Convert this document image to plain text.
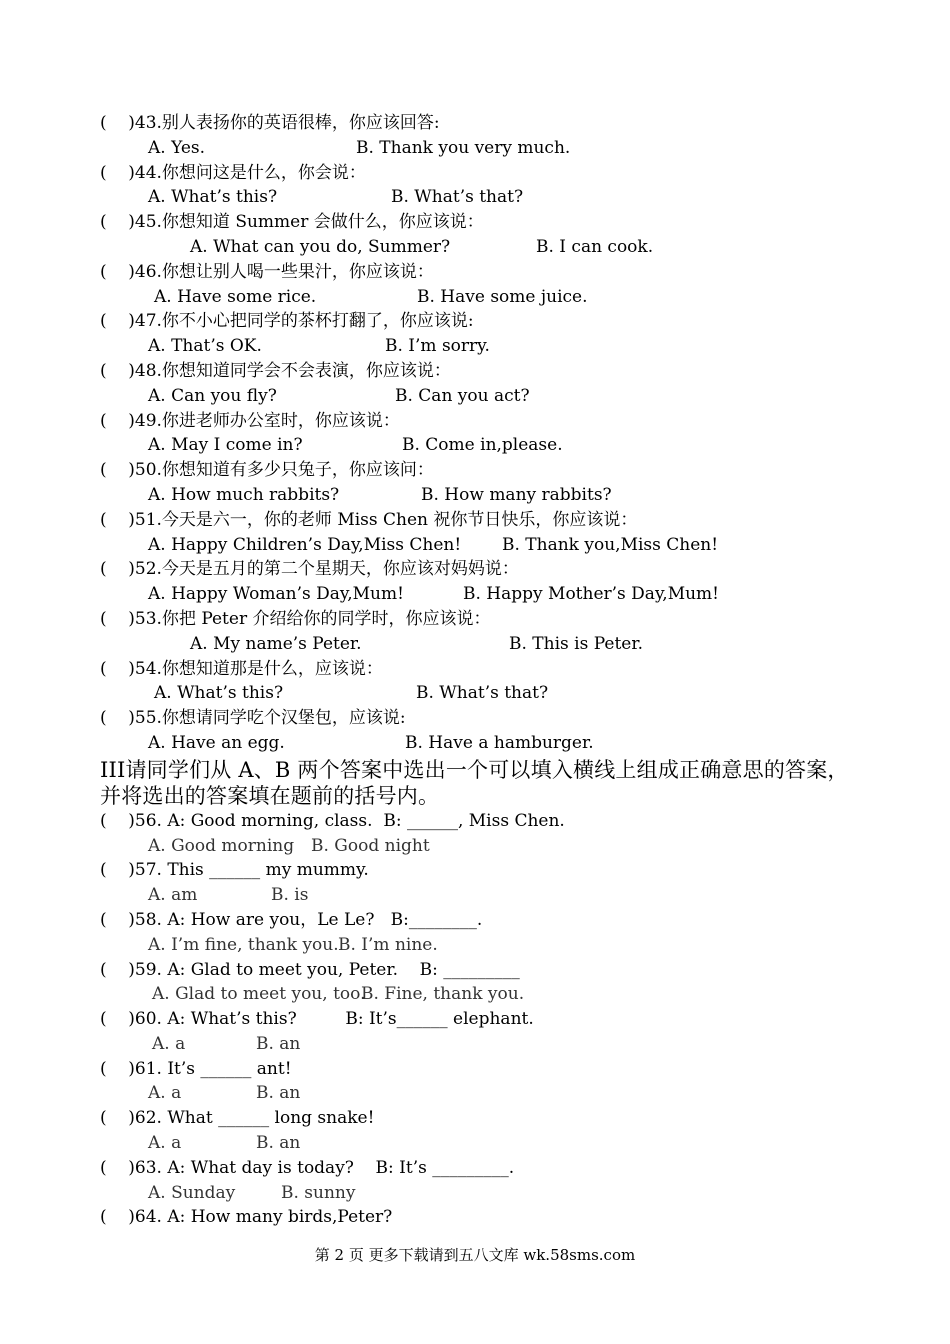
(    )43.别人表扬你的英语很棒，你应该回答:
A. Yes.	B. Thank you very much.
(    )44.你想问这是什么，你会说：
A. What’s this?	B. What’s that?
(    )45.你想知道 Summer 会做什么，你应该说：
A. What can you do, Summer?	B. I can cook.
(    )46.你想让别人喝一些果汁，你应该说：
A. Have some rice.	B. Have some juice.
(    )47.你不小心把同学的茶杯打翻了，你应该说:
A. That’s OK.	B. I’m sorry.
(    )48.你想知道同学会不会表演，你应该说：
A. Can you fly?	B. Can you act?
(    )49.你进老师办公室时，你应该说：
A. May I come in?	B. Come in,please.
(    )50.你想知道有多少只兔子，你应该问：
A. How much rabbits?	B. How many rabbits?
(    )51.今天是六一，你的老师 Miss Chen 祝你节日快乐，你应该说：
A. Happy Children’s Day,Miss Chen! B. Thank you,Miss Chen!
(    )52.今天是五月的第二个星期天，你应该对妈妈说：
A. Happy Woman’s Day,Mum!	B. Happy Mother’s Day,Mum!
(    )53.你把 Peter 介绍给你的同学时，你应该说：
A. My name’s Peter.	B. This is Peter.
(    )54.你想知道那是什么，应该说：
A. What’s this?	B. What’s that?
(    )55.你想请同学吃个汉堡包，应该说:
A. Have an egg.	B. Have a hamburger.
III请同学们从 A、B 两个答案中选出一个可以填入横线上组成正确意思的答案，并将选出的答案填在题前的括号内。
(    )56. A: Good morning, class.  B: ______, Miss Chen.
A. Good morning B. Good night
(    )57. This ______ my mummy.
A. am	B. is
(    )58. A: How are you，Le Le?   B:________.
A. I’m fine, thank you.B. I’m nine.
(    )59. A: Glad to meet you, Peter.    B: _________
A. Glad to meet you, too.B. Fine, thank you.
(    )60. A: What’s this?         B: It’s______ elephant.
A. a	B. an
(    )61. It’s ______ ant!
A. a	B. an
(    )62. What ______ long snake!
A. a	B. an
(    )63. A: What day is today?    B: It’s _________.
A. Sunday	B. sunny
(    )64. A: How many birds,Peter?
第 2 页 更多下载请到五八文库 wk.58sms.com
